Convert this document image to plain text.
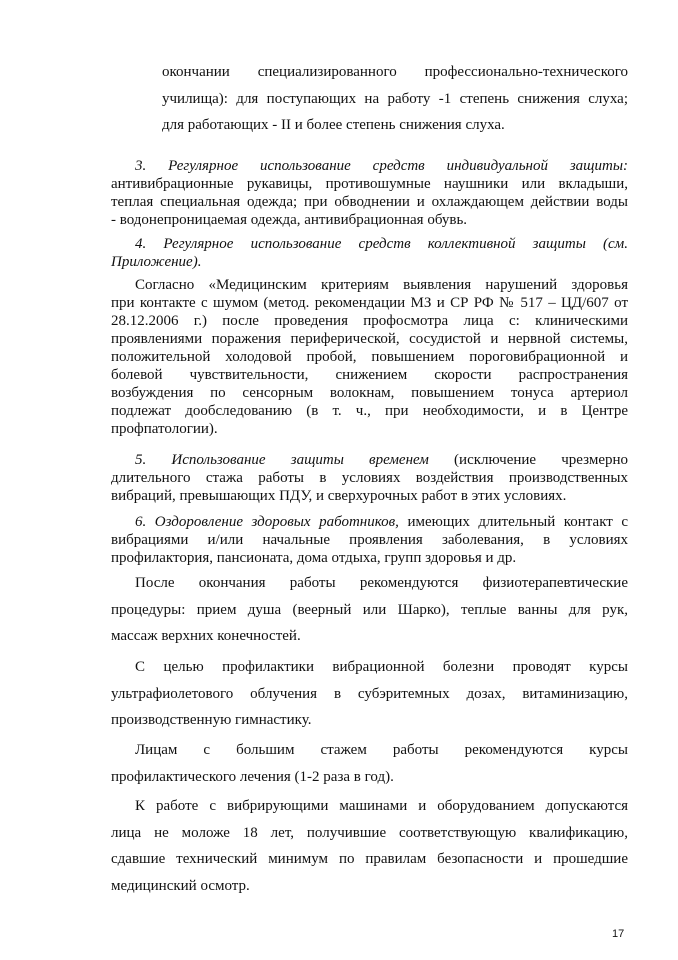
окончании специализированного профессионально-технического

училища): для поступающих на работу -1 степень снижения слуха;

для работающих - II и более степень снижения слуха.

3. Регулярное использование средств индивидуальной защиты:

антивибрационные рукавицы, противошумные наушники или вкладыши,

теплая специальная одежда; при обводнении и охлаждающем действии воды

- водонепроницаемая одежда, антивибрационная обувь.

4. Регулярное использование средств коллективной защиты (см.

Приложение).

Согласно «Медицинским критериям выявления нарушений здоровья

при контакте с шумом (метод. рекомендации МЗ и СР РФ № 517 – ЦД/607 от

28.12.2006 г.) после проведения профосмотра лица с: клиническими

проявлениями поражения периферической, сосудистой и нервной системы,

положительной холодовой пробой, повышением пороговибрационной и

болевой чувствительности, снижением скорости распространения

возбуждения по сенсорным волокнам, повышением тонуса артериол

подлежат дообследованию (в т. ч., при необходимости, и в Центре

профпатологии).

5. Использование защиты временем (исключение чрезмерно

длительного стажа работы в условиях воздействия производственных

вибраций, превышающих ПДУ, и сверхурочных работ в этих условиях.

6. Оздоровление здоровых работников, имеющих длительный контакт с

вибрациями и/или начальные проявления заболевания, в условиях

профилактория, пансионата, дома отдыха, групп здоровья и др.

После окончания работы рекомендуются физиотерапевтические

процедуры: прием душа (веерный или Шарко), теплые ванны для рук,

массаж верхних конечностей.

С целью профилактики вибрационной болезни проводят курсы

ультрафиолетового облучения в субэритемных дозах, витаминизацию,

производственную гимнастику.

Лицам с большим стажем работы рекомендуются курсы

профилактического лечения (1-2 раза в год).

К работе с вибрирующими машинами и оборудованием допускаются

лица не моложе 18 лет, получившие соответствующую квалификацию,

сдавшие технический минимум по правилам безопасности и прошедшие

медицинский осмотр.

17
